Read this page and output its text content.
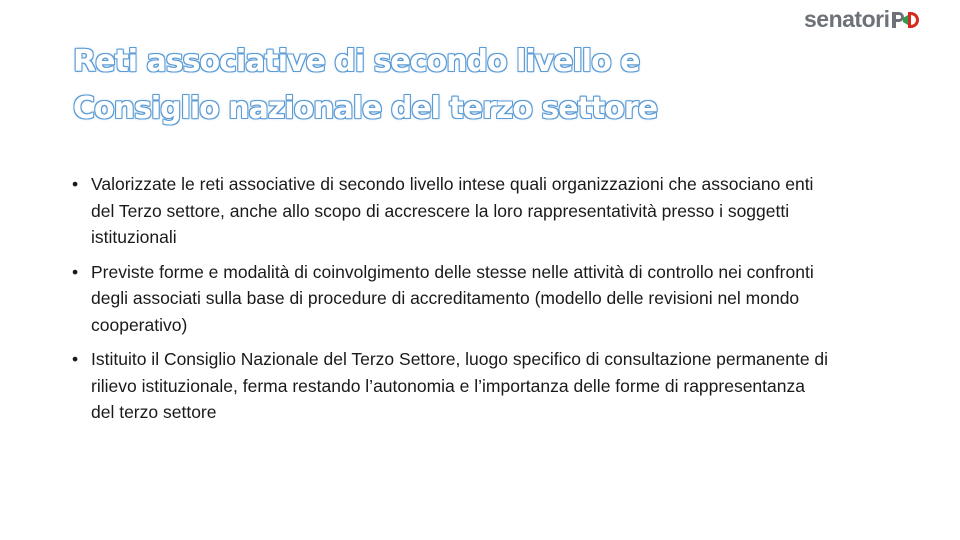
senatori
Reti associative di secondo livello e
Consiglio nazionale del terzo settore
• Valorizzate le reti associative di secondo livello intese quali organizzazioni che associano enti del Terzo settore, anche allo scopo di accrescere la loro rappresentatività presso i soggetti istituzionali
• Previste forme e modalità di coinvolgimento delle stesse nelle attività di controllo nei confronti degli associati sulla base di procedure di accreditamento (modello delle revisioni nel mondo cooperativo)
• Istituito il Consiglio Nazionale del Terzo Settore, luogo specifico di consultazione permanente di rilievo istituzionale, ferma restando l’autonomia e l’importanza delle forme di rappresentanza del terzo settore
